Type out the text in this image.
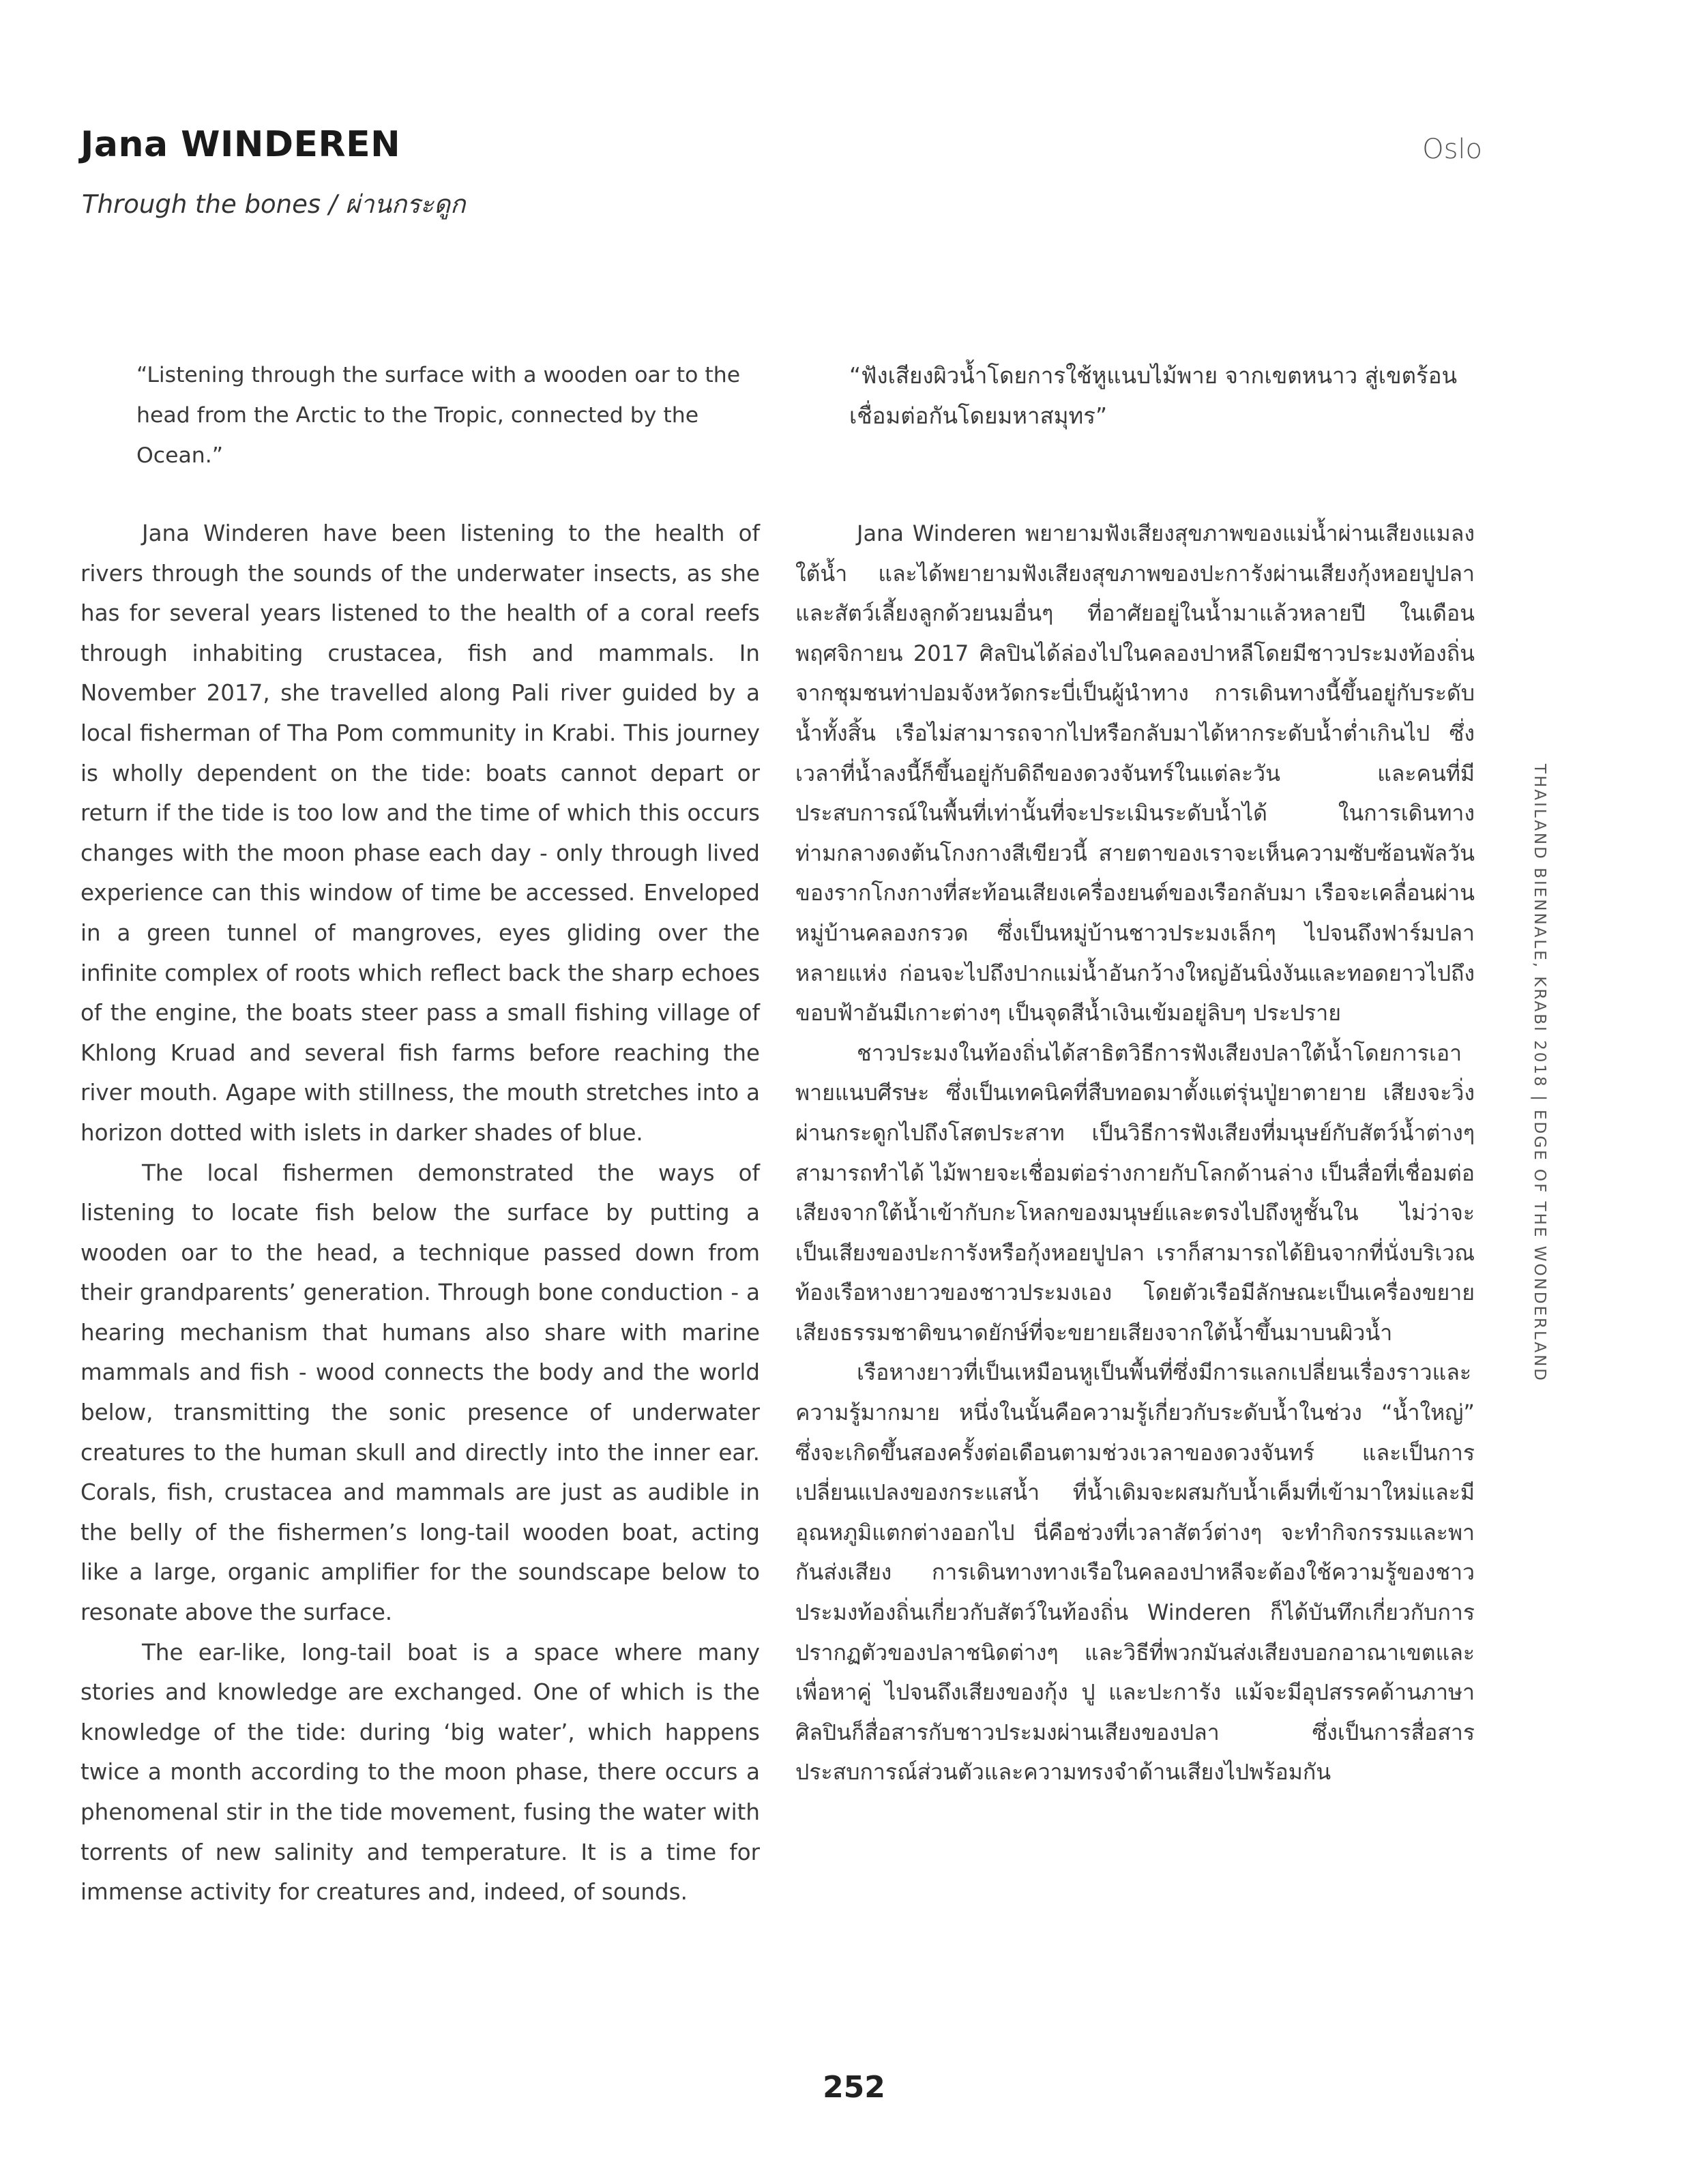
Jana WINDEREN

Through the bones / ผ่านกระดูก

Oslo

“Listening through the surface with a wooden oar to the head from the Arctic to the Tropic, connected by the Ocean.”

“ฟังเสียงผิวน้ำโดยการใช้หูแนบไม้พาย จากเขตหนาว สู่เขตร้อน เชื่อมต่อกันโดยมหาสมุทร”

Jana Winderen have been listening to the health of rivers through the sounds of the underwater insects, as she has for several years listened to the health of a coral reefs through inhabiting crustacea, fish and mammals. In November 2017, she travelled along Pali river guided by a local fisherman of Tha Pom community in Krabi. This journey is wholly dependent on the tide: boats cannot depart or return if the tide is too low and the time of which this occurs changes with the moon phase each day - only through lived experience can this window of time be accessed. Enveloped in a green tunnel of mangroves, eyes gliding over the infinite complex of roots which reflect back the sharp echoes of the engine, the boats steer pass a small fishing village of Khlong Kruad and several fish farms before reaching the river mouth. Agape with stillness, the mouth stretches into a horizon dotted with islets in darker shades of blue.

The local fishermen demonstrated the ways of listening to locate fish below the surface by putting a wooden oar to the head, a technique passed down from their grandparents’ generation. Through bone conduction - a hearing mechanism that humans also share with marine mammals and fish - wood connects the body and the world below, transmitting the sonic presence of underwater creatures to the human skull and directly into the inner ear. Corals, fish, crustacea and mammals are just as audible in the belly of the fishermen’s long-tail wooden boat, acting like a large, organic amplifier for the soundscape below to resonate above the surface.

The ear-like, long-tail boat is a space where many stories and knowledge are exchanged. One of which is the knowledge of the tide: during ‘big water’, which happens twice a month according to the moon phase, there occurs a phenomenal stir in the tide movement, fusing the water with torrents of new salinity and temperature. It is a time for immense activity for creatures and, indeed, of sounds.

Jana Winderen พยายามฟังเสียงสุขภาพของแม่น้ำผ่านเสียงแมลงใต้น้ำ และได้พยายามฟังเสียงสุขภาพของปะการังผ่านเสียงกุ้งหอยปูปลาและสัตว์เลี้ยงลูกด้วยนมอื่นๆ ที่อาศัยอยู่ในน้ำมาแล้วหลายปี ในเดือนพฤศจิกายน 2017 ศิลปินได้ล่องไปในคลองปาหลีโดยมีชาวประมงท้องถิ่นจากชุมชนท่าปอมจังหวัดกระบี่เป็นผู้นำทาง การเดินทางนี้ขึ้นอยู่กับระดับน้ำทั้งสิ้น เรือไม่สามารถจากไปหรือกลับมาได้หากระดับน้ำต่ำเกินไป ซึ่งเวลาที่น้ำลงนี้ก็ขึ้นอยู่กับดิถีของดวงจันทร์ในแต่ละวัน และคนที่มีประสบการณ์ในพื้นที่เท่านั้นที่จะประเมินระดับน้ำได้ ในการเดินทางท่ามกลางดงต้นโกงกางสีเขียวนี้ สายตาของเราจะเห็นความซับซ้อนพัลวันของรากโกงกางที่สะท้อนเสียงเครื่องยนต์ของเรือกลับมา เรือจะเคลื่อนผ่านหมู่บ้านคลองกรวด ซึ่งเป็นหมู่บ้านชาวประมงเล็กๆ ไปจนถึงฟาร์มปลาหลายแห่ง ก่อนจะไปถึงปากแม่น้ำอันกว้างใหญ่อันนิ่งงันและทอดยาวไปถึงขอบฟ้าอันมีเกาะต่างๆ เป็นจุดสีน้ำเงินเข้มอยู่ลิบๆ ประปราย

ชาวประมงในท้องถิ่นได้สาธิตวิธีการฟังเสียงปลาใต้น้ำโดยการเอาพายแนบศีรษะ ซึ่งเป็นเทคนิคที่สืบทอดมาตั้งแต่รุ่นปู่ยาตายาย เสียงจะวิ่งผ่านกระดูกไปถึงโสตประสาท เป็นวิธีการฟังเสียงที่มนุษย์กับสัตว์น้ำต่างๆ สามารถทำได้ ไม้พายจะเชื่อมต่อร่างกายกับโลกด้านล่าง เป็นสื่อที่เชื่อมต่อเสียงจากใต้น้ำเข้ากับกะโหลกของมนุษย์และตรงไปถึงหูชั้นใน ไม่ว่าจะเป็นเสียงของปะการังหรือกุ้งหอยปูปลา เราก็สามารถได้ยินจากที่นั่งบริเวณท้องเรือหางยาวของชาวประมงเอง โดยตัวเรือมีลักษณะเป็นเครื่องขยายเสียงธรรมชาติขนาดยักษ์ที่จะขยายเสียงจากใต้น้ำขึ้นมาบนผิวน้ำ

เรือหางยาวที่เป็นเหมือนหูเป็นพื้นที่ซึ่งมีการแลกเปลี่ยนเรื่องราวและความรู้มากมาย หนึ่งในนั้นคือความรู้เกี่ยวกับระดับน้ำในช่วง “น้ำใหญ่” ซึ่งจะเกิดขึ้นสองครั้งต่อเดือนตามช่วงเวลาของดวงจันทร์ และเป็นการเปลี่ยนแปลงของกระแสน้ำ ที่น้ำเดิมจะผสมกับน้ำเค็มที่เข้ามาใหม่และมีอุณหภูมิแตกต่างออกไป นี่คือช่วงที่เวลาสัตว์ต่างๆ จะทำกิจกรรมและพากันส่งเสียง การเดินทางทางเรือในคลองปาหลีจะต้องใช้ความรู้ของชาวประมงท้องถิ่นเกี่ยวกับสัตว์ในท้องถิ่น Winderen ก็ได้บันทึกเกี่ยวกับการปรากฏตัวของปลาชนิดต่างๆ และวิธีที่พวกมันส่งเสียงบอกอาณาเขตและเพื่อหาคู่ ไปจนถึงเสียงของกุ้ง ปู และปะการัง แม้จะมีอุปสรรคด้านภาษา ศิลปินก็สื่อสารกับชาวประมงผ่านเสียงของปลา ซึ่งเป็นการสื่อสารประสบการณ์ส่วนตัวและความทรงจำด้านเสียงไปพร้อมกัน

THAILAND BIENNALE, KRABI 2018 | EDGE OF THE WONDERLAND
252
